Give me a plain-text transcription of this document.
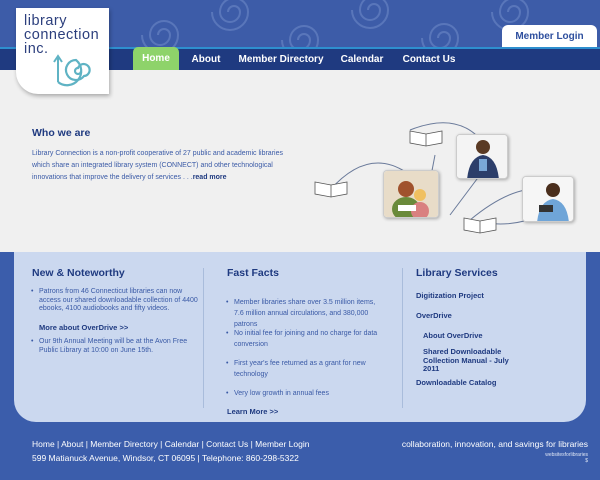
Member Login
Home	About	Member Directory	Calendar	Contact Us
library
connection
inc.
Who we are
Library Connection is a non-profit cooperative of 27 public and academic libraries which share an integrated library system (CONNECT) and other technological innovations that improve the delivery of services . . .read more
New & Noteworthy
• Patrons from 46 Connecticut libraries can now access our shared downloadable collection of 4400 ebooks, 4100 audiobooks and fifty videos.
More about OverDrive >>
• Our 9th Annual Meeting will be at the Avon Free Public Library at 10:00 on June 15th.
Fast Facts
• Member libraries share over 3.5 million items, 7.6 million annual circulations, and 380,000 patrons
• No initial fee for joining and no charge for data conversion
• First year's fee returned as a grant for new technology
• Very low growth in annual fees
Learn More >>
Library Services
Digitization Project
OverDrive
About OverDrive
Shared Downloadable Collection Manual - July 2011
Downloadable Catalog
Home | About | Member Directory | Calendar | Contact Us | Member Login
599 Matianuck Avenue, Windsor, CT 06095 | Telephone: 860-298-5322
collaboration, innovation, and savings for libraries
websitesforlibraries
$
